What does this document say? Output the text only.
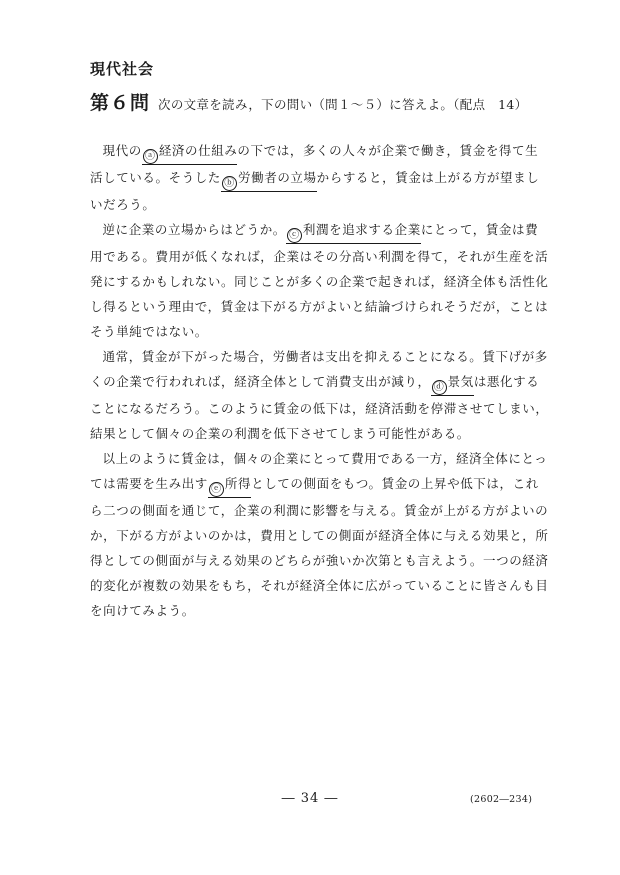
現代社会
第６問 次の文章を読み，下の問い（問１～５）に答えよ。（配点　14）

現代の ⓐ 経済の仕組みの下では，多くの人々が企業で働き，賃金を得て生活している。そうした ⓑ 労働者の立場からすると，賃金は上がる方が望ましいだろう。

逆に企業の立場からはどうか。 ⓒ 利潤を追求する企業にとって，賃金は費用である。費用が低くなれば，企業はその分高い利潤を得て，それが生産を活発にするかもしれない。同じことが多くの企業で起きれば，経済全体も活性化し得るという理由で，賃金は下がる方がよいと結論づけられそうだが，ことはそう単純ではない。

通常，賃金が下がった場合，労働者は支出を抑えることになる。賃下げが多くの企業で行われれば，経済全体として消費支出が減り， ⓓ 景気は悪化することになるだろう。このように賃金の低下は，経済活動を停滞させてしまい，結果として個々の企業の利潤を低下させてしまう可能性がある。

以上のように賃金は，個々の企業にとって費用である一方，経済全体にとっては需要を生み出す ⓔ 所得としての側面をもつ。賃金の上昇や低下は，これら二つの側面を通じて，企業の利潤に影響を与える。賃金が上がる方がよいのか，下がる方がよいのかは，費用としての側面が経済全体に与える効果と，所得としての側面が与える効果のどちらが強いか次第とも言えよう。一つの経済的変化が複数の効果をもち，それが経済全体に広がっていることに皆さんも目を向けてみよう。

― 34 ―	(2602―234)
